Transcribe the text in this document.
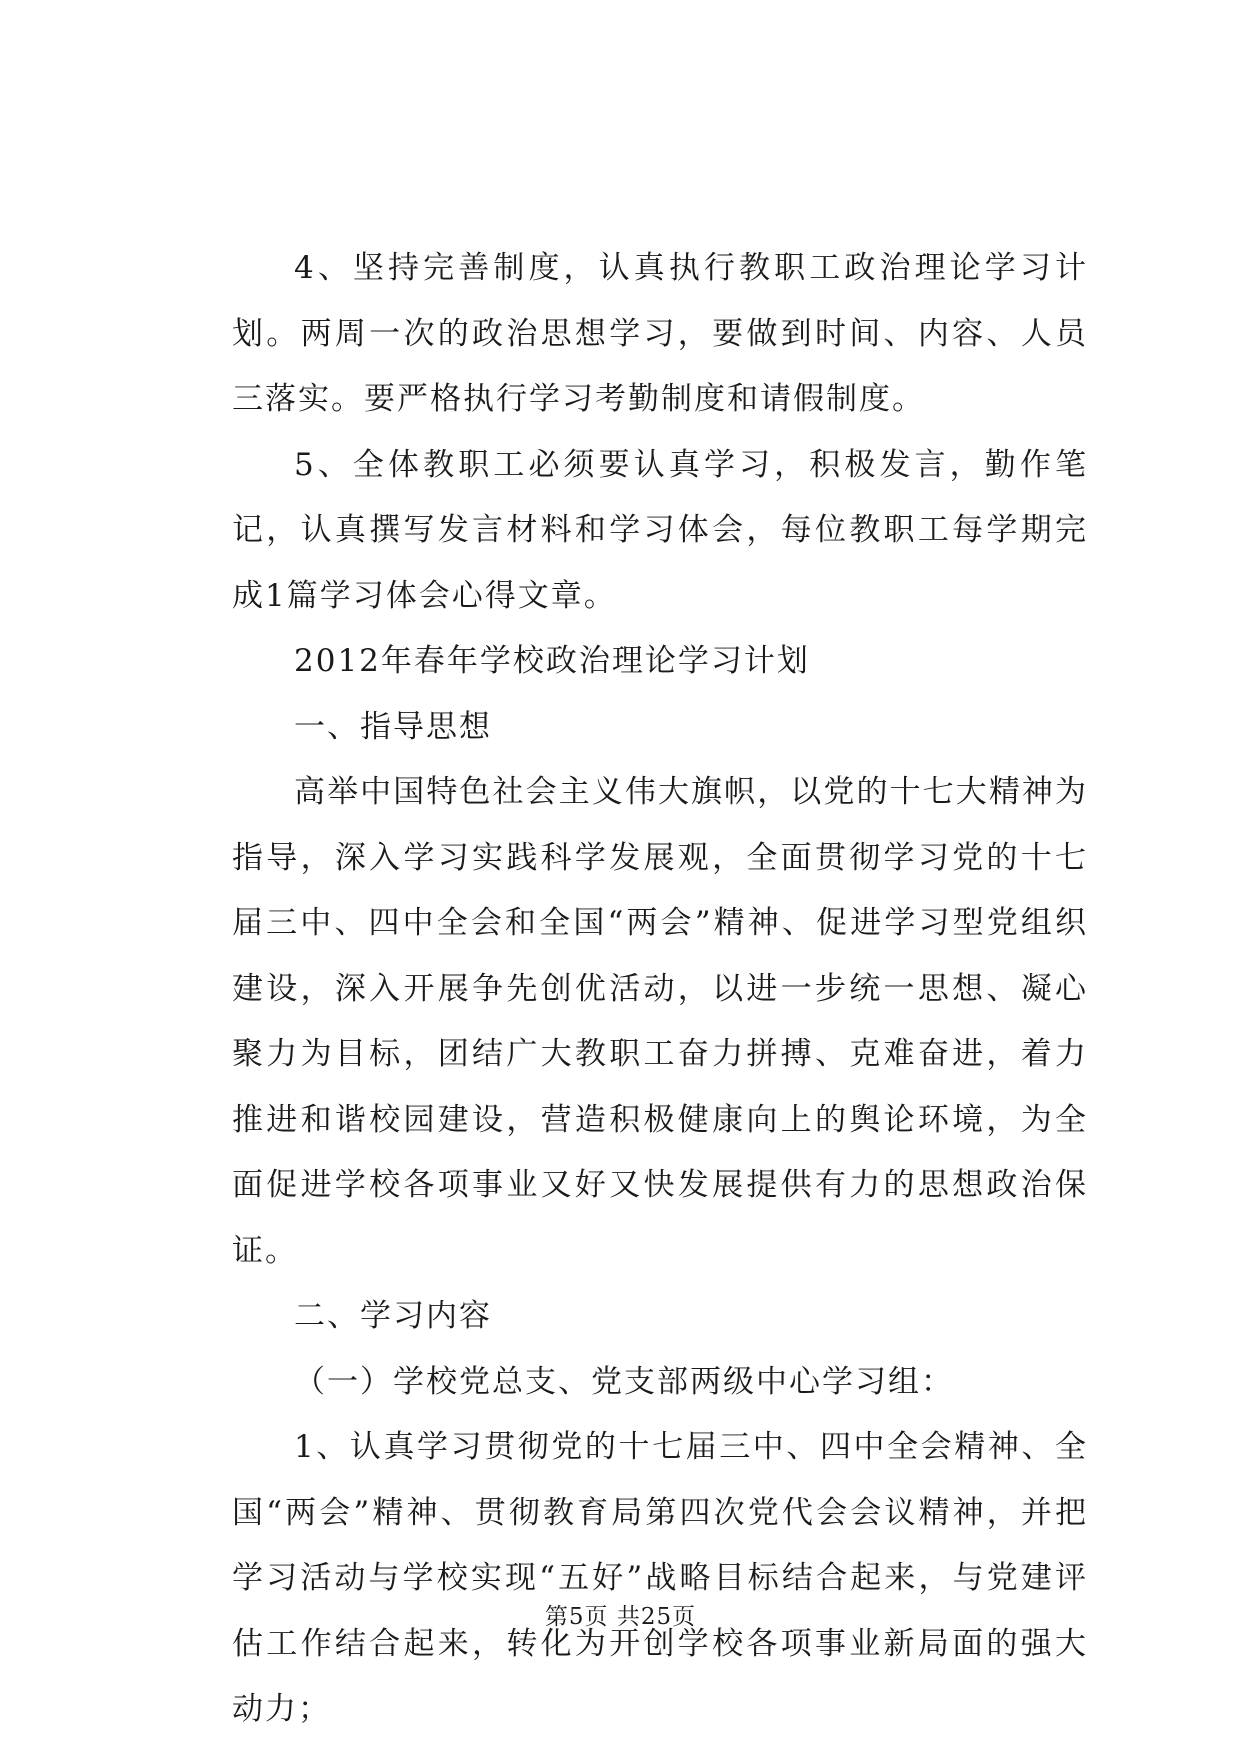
4、坚持完善制度，认真执行教职工政治理论学习计划。两周一次的政治思想学习，要做到时间、内容、人员三落实。要严格执行学习考勤制度和请假制度。

5、全体教职工必须要认真学习，积极发言，勤作笔记，认真撰写发言材料和学习体会，每位教职工每学期完成1篇学习体会心得文章。

2012年春年学校政治理论学习计划

一、指导思想

高举中国特色社会主义伟大旗帜，以党的十七大精神为指导，深入学习实践科学发展观，全面贯彻学习党的十七届三中、四中全会和全国“两会”精神、促进学习型党组织建设，深入开展争先创优活动，以进一步统一思想、凝心聚力为目标，团结广大教职工奋力拼搏、克难奋进，着力推进和谐校园建设，营造积极健康向上的舆论环境，为全面促进学校各项事业又好又快发展提供有力的思想政治保证。

二、学习内容

（一）学校党总支、党支部两级中心学习组：

1、认真学习贯彻党的十七届三中、四中全会精神、全国“两会”精神、贯彻教育局第四次党代会会议精神，并把学习活动与学校实现“五好”战略目标结合起来，与党建评估工作结合起来，转化为开创学校各项事业新局面的强大动力；

第5页 共25页
